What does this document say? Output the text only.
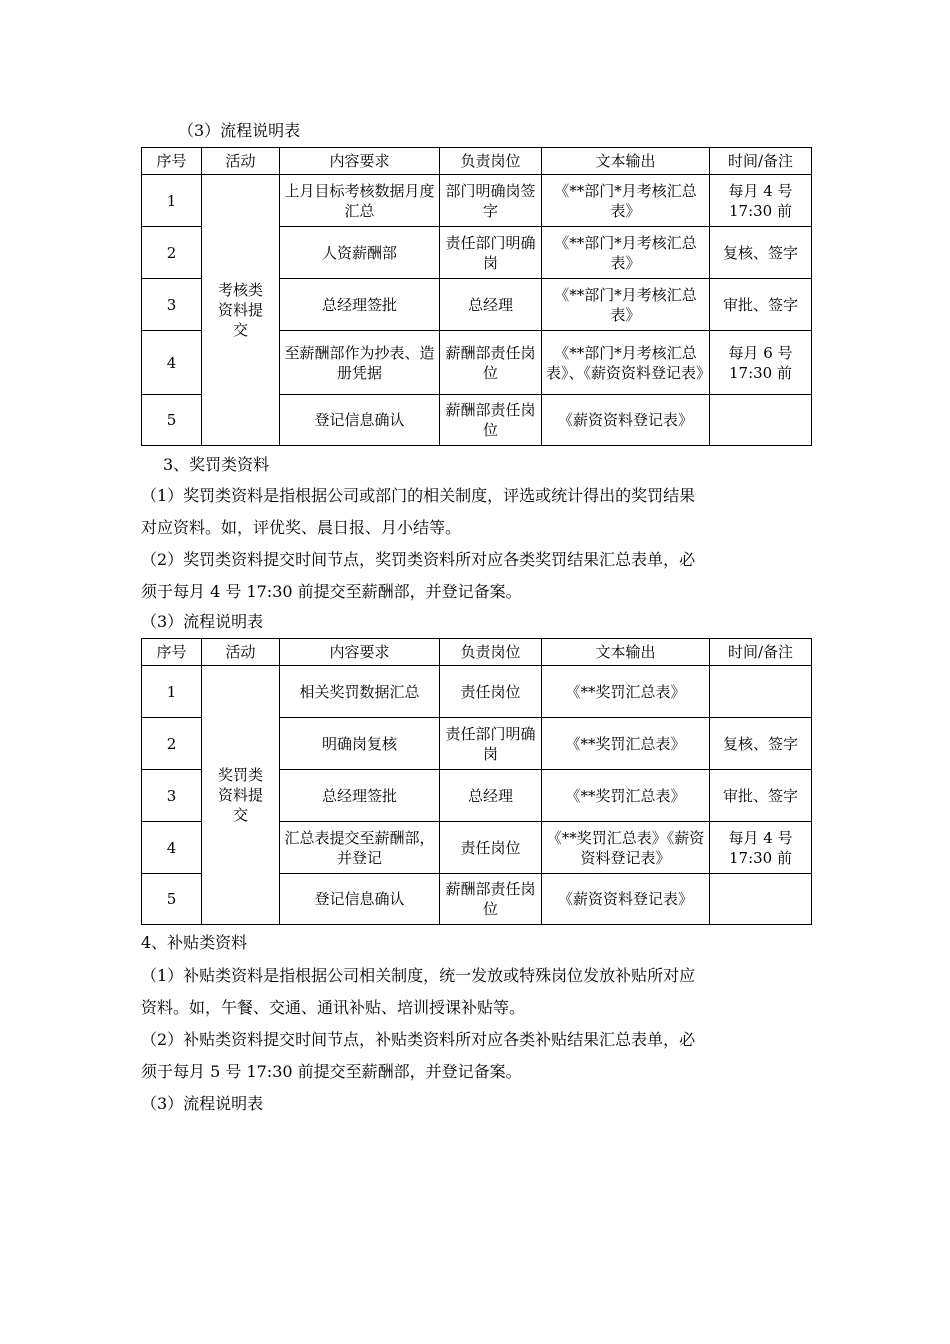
（3）流程说明表
序号	活动	内容要求	负责岗位	文本输出	时间/备注
1	考核类资料提交	上月目标考核数据月度汇总	部门明确岗签字	《**部门*月考核汇总表》	每月 4 号 17:30 前
2		人资薪酬部	责任部门明确岗	《**部门*月考核汇总表》	复核、签字
3		总经理签批	总经理	《**部门*月考核汇总表》	审批、签字
4		至薪酬部作为抄表、造册凭据	薪酬部责任岗位	《**部门*月考核汇总表》、《薪资资料登记表》	每月 6 号 17:30 前
5		登记信息确认	薪酬部责任岗位	《薪资资料登记表》	
3、奖罚类资料
（1）奖罚类资料是指根据公司或部门的相关制度，评选或统计得出的奖罚结果
对应资料。如，评优奖、晨日报、月小结等。
（2）奖罚类资料提交时间节点，奖罚类资料所对应各类奖罚结果汇总表单，必
须于每月 4 号 17:30 前提交至薪酬部，并登记备案。
（3）流程说明表
序号	活动	内容要求	负责岗位	文本输出	时间/备注
1	奖罚类资料提交	相关奖罚数据汇总	责任岗位	《**奖罚汇总表》	
2		明确岗复核	责任部门明确岗	《**奖罚汇总表》	复核、签字
3		总经理签批	总经理	《**奖罚汇总表》	审批、签字
4		汇总表提交至薪酬部，并登记	责任岗位	《**奖罚汇总表》《薪资资料登记表》	每月 4 号 17:30 前
5		登记信息确认	薪酬部责任岗位	《薪资资料登记表》	
4、补贴类资料
（1）补贴类资料是指根据公司相关制度，统一发放或特殊岗位发放补贴所对应
资料。如，午餐、交通、通讯补贴、培训授课补贴等。
（2）补贴类资料提交时间节点，补贴类资料所对应各类补贴结果汇总表单，必
须于每月 5 号 17:30 前提交至薪酬部，并登记备案。
（3）流程说明表
